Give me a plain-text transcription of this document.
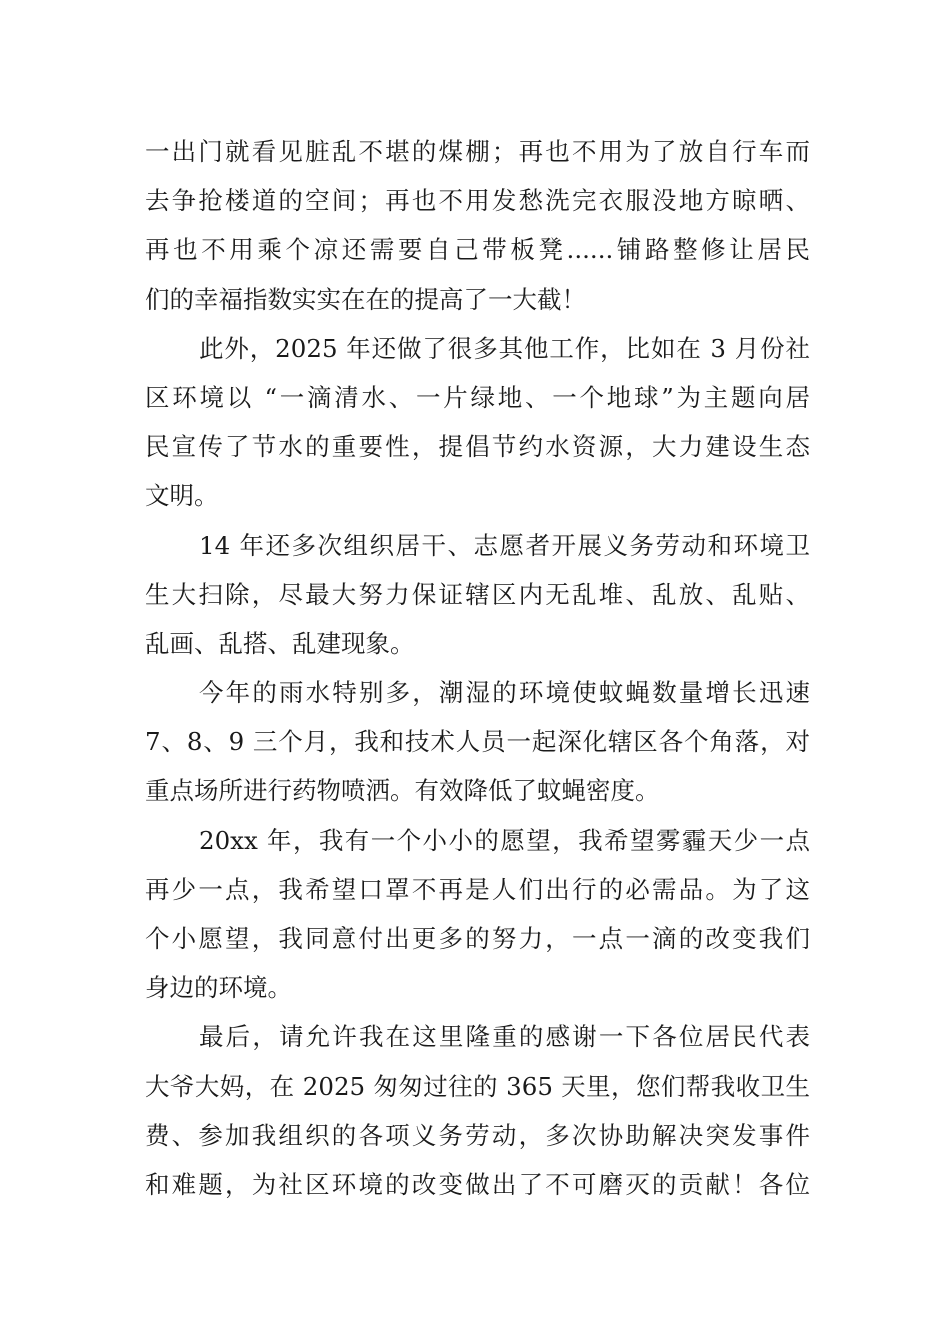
一出门就看见脏乱不堪的煤棚；再也不用为了放自行车而
去争抢楼道的空间；再也不用发愁洗完衣服没地方晾晒、
再也不用乘个凉还需要自己带板凳......铺路整修让居民
们的幸福指数实实在在的提高了一大截！
此外，2025 年还做了很多其他工作，比如在 3 月份社
区环境以 “一滴清水、一片绿地、一个地球”为主题向居
民宣传了节水的重要性，提倡节约水资源，大力建设生态
文明。
14 年还多次组织居干、志愿者开展义务劳动和环境卫
生大扫除，尽最大努力保证辖区内无乱堆、乱放、乱贴、
乱画、乱搭、乱建现象。
今年的雨水特别多，潮湿的环境使蚊蝇数量增长迅速
7、8、9 三个月，我和技术人员一起深化辖区各个角落，对
重点场所进行药物喷洒。有效降低了蚊蝇密度。
20xx 年，我有一个小小的愿望，我希望雾霾天少一点
再少一点，我希望口罩不再是人们出行的必需品。为了这
个小愿望，我同意付出更多的努力，一点一滴的改变我们
身边的环境。
最后，请允许我在这里隆重的感谢一下各位居民代表
大爷大妈，在 2025 匆匆过往的 365 天里，您们帮我收卫生
费、参加我组织的各项义务劳动，多次协助解决突发事件
和难题，为社区环境的改变做出了不可磨灭的贡献！各位
